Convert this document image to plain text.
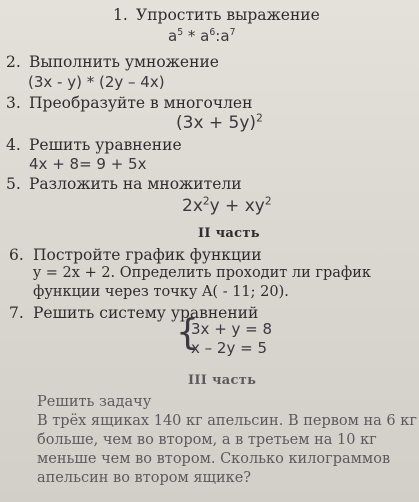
1. Упростить выражение
$a^5$ * $a^6:a^7$
2. Выполнить умножение
(3x - y) * (2y – 4x)
3. Преобразуйте в многочлен
$(3x + 5y)^2$
4. Решить уравнение
4x + 8= 9 + 5x
5. Разложить на множители
$2x^2y + xy^2$
II часть
6. Постройте график функции
y = 2x + 2. Определить проходит ли график
функции через точку A( - 11; 20).
7. Решить систему уравнений
{
3x + y = 8
x – 2y = 5
III часть
Решить задачу
В трёх ящиках 140 кг апельсин. В первом на 6 кг
больше, чем во втором, а в третьем на 10 кг
меньше чем во втором. Сколько килограммов
апельсин во втором ящике?
